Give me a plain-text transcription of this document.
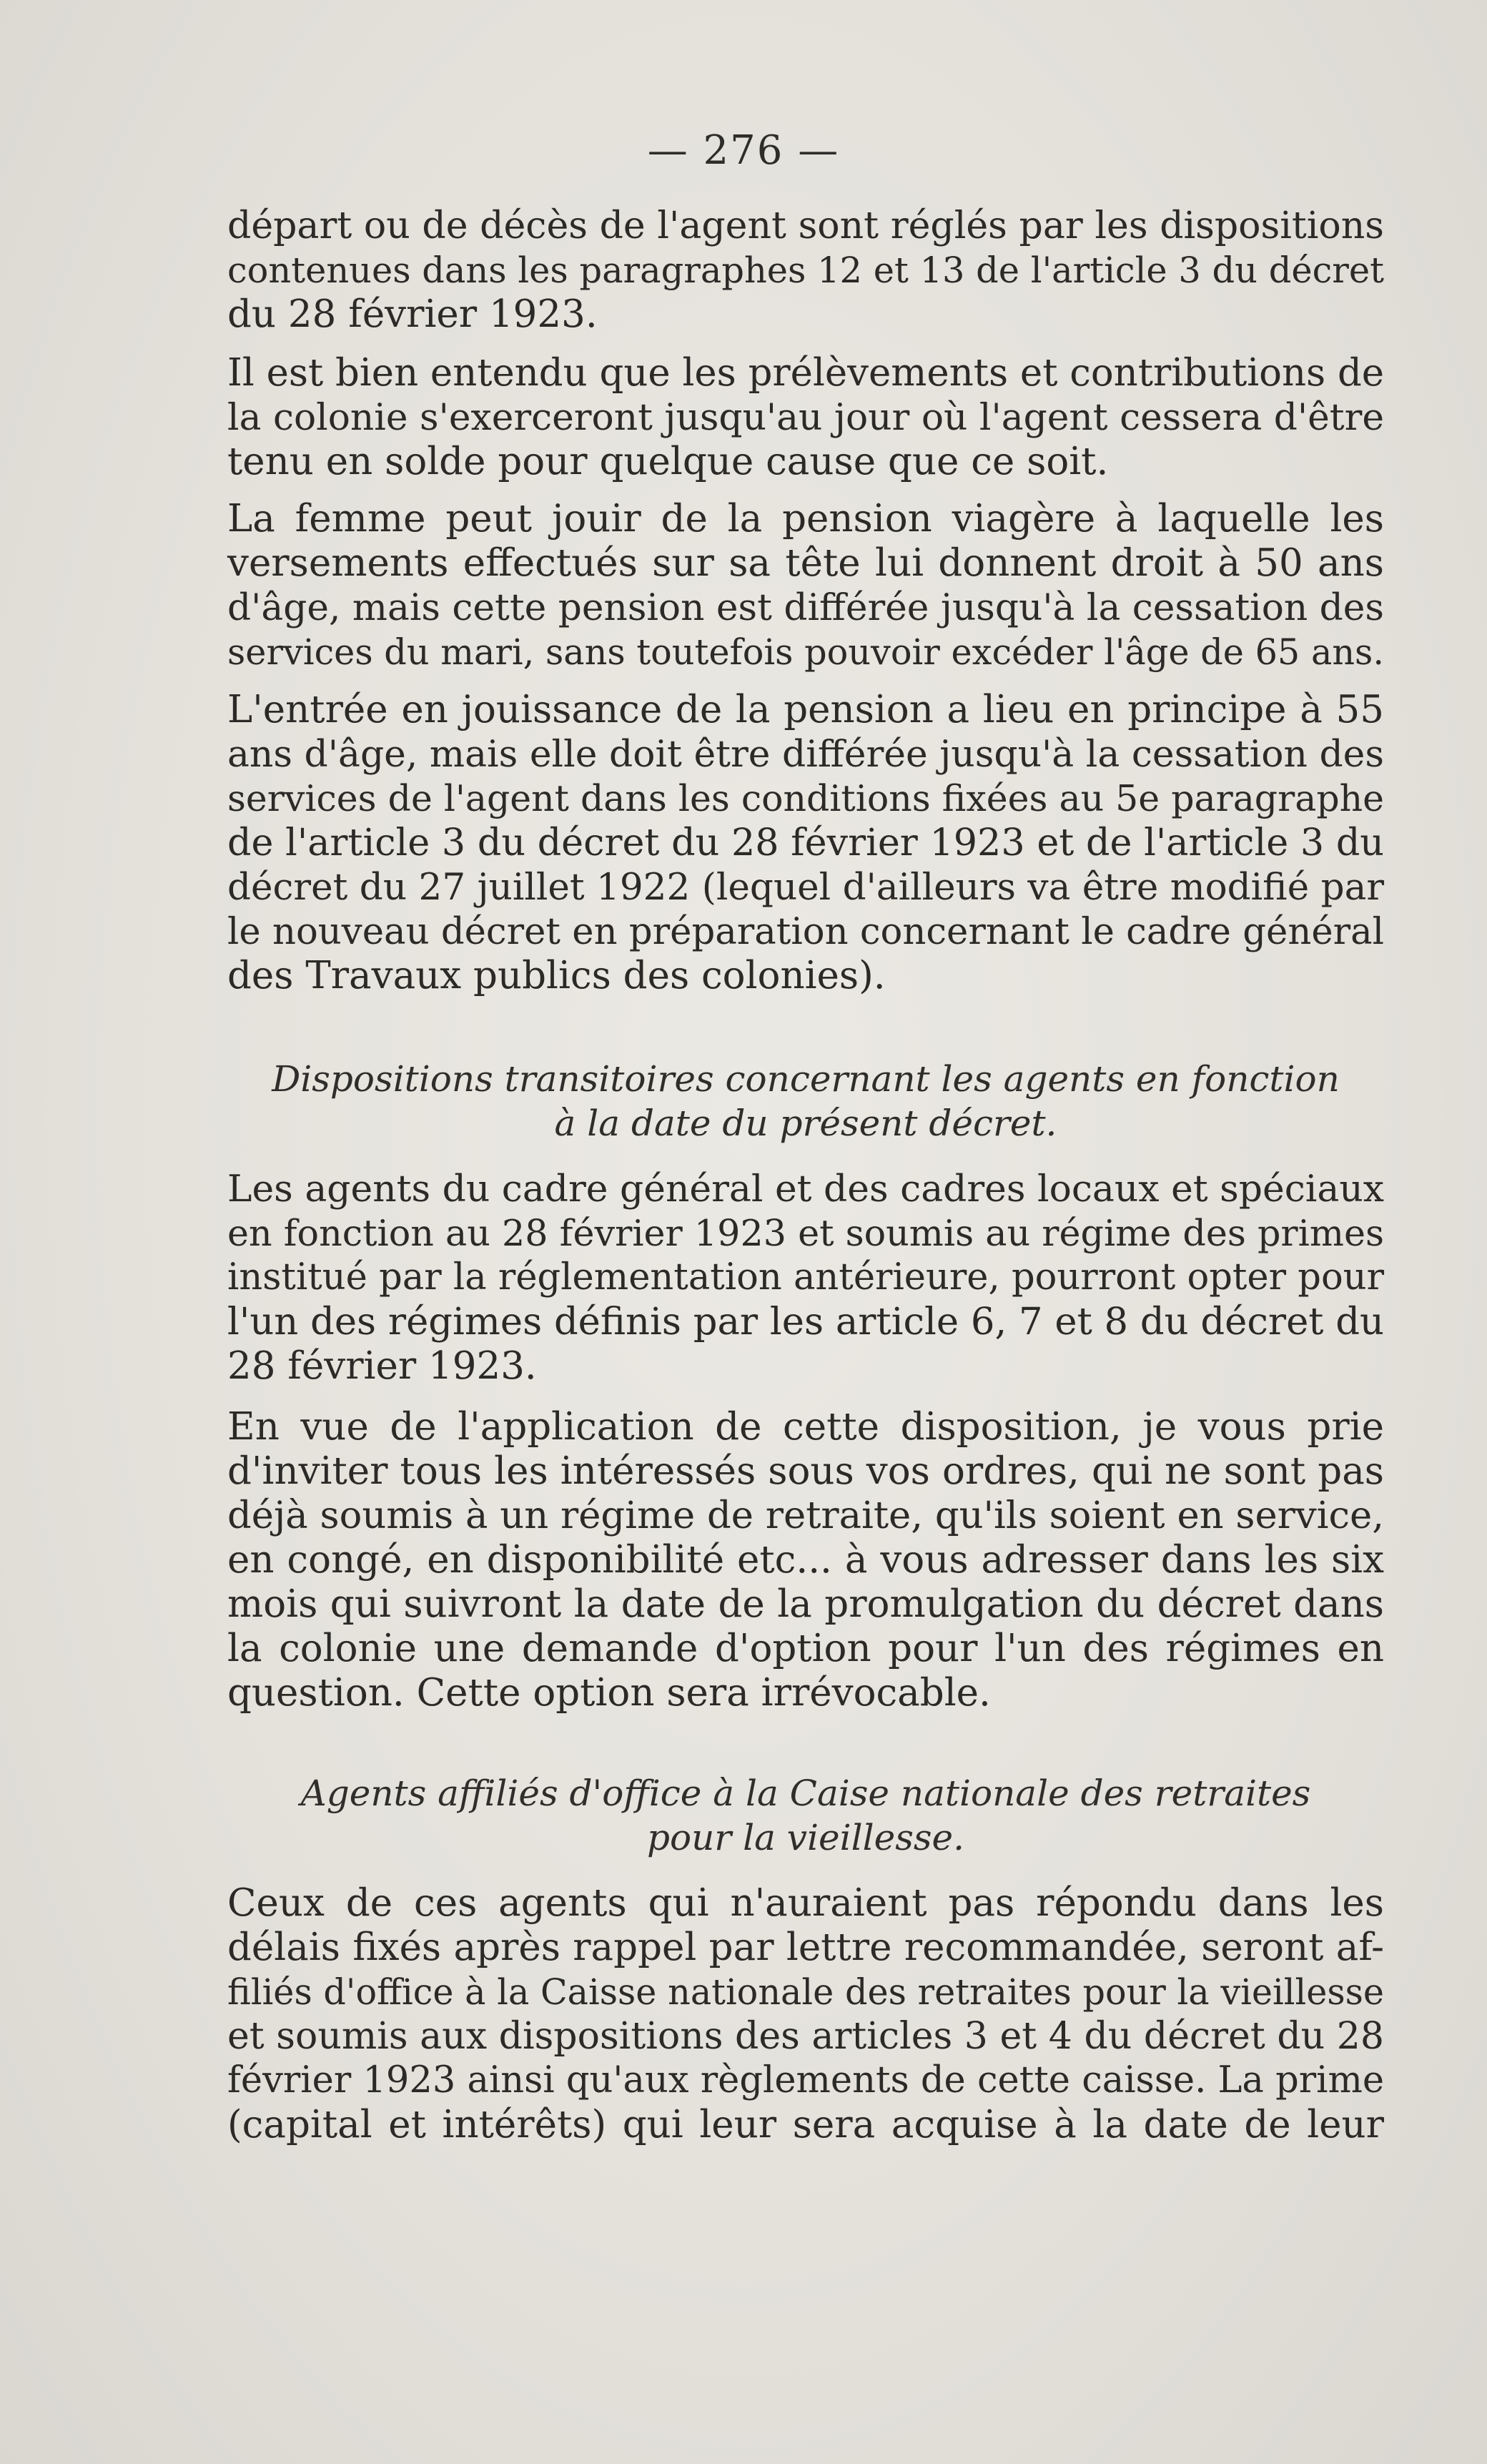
— 276 —
départ ou de décès de l'agent sont réglés par les dispositions
contenues dans les paragraphes 12 et 13 de l'article 3 du décret
du 28 février 1923.
Il est bien entendu que les prélèvements et contributions de
la colonie s'exerceront jusqu'au jour où l'agent cessera d'être
tenu en solde pour quelque cause que ce soit.
La femme peut jouir de la pension viagère à laquelle les
versements effectués sur sa tête lui donnent droit à 50 ans
d'âge, mais cette pension est différée jusqu'à la cessation des
services du mari, sans toutefois pouvoir excéder l'âge de 65 ans.
L'entrée en jouissance de la pension a lieu en principe à 55
ans d'âge, mais elle doit être différée jusqu'à la cessation des
services de l'agent dans les conditions fixées au 5e paragraphe
de l'article 3 du décret du 28 février 1923 et de l'article 3 du
décret du 27 juillet 1922 (lequel d'ailleurs va être modifié par
le nouveau décret en préparation concernant le cadre général
des Travaux publics des colonies).
Dispositions transitoires concernant les agents en fonction
à la date du présent décret.
Les agents du cadre général et des cadres locaux et spéciaux
en fonction au 28 février 1923 et soumis au régime des primes
institué par la réglementation antérieure, pourront opter pour
l'un des régimes définis par les article 6, 7 et 8 du décret du
28 février 1923.
En vue de l'application de cette disposition, je vous prie
d'inviter tous les intéressés sous vos ordres, qui ne sont pas
déjà soumis à un régime de retraite, qu'ils soient en service,
en congé, en disponibilité etc... à vous adresser dans les six
mois qui suivront la date de la promulgation du décret dans
la colonie une demande d'option pour l'un des régimes en
question. Cette option sera irrévocable.
Agents affiliés d'office à la Caise nationale des retraites
pour la vieillesse.
Ceux de ces agents qui n'auraient pas répondu dans les
délais fixés après rappel par lettre recommandée, seront af-
filiés d'office à la Caisse nationale des retraites pour la vieillesse
et soumis aux dispositions des articles 3 et 4 du décret du 28
février 1923 ainsi qu'aux règlements de cette caisse. La prime
(capital et intérêts) qui leur sera acquise à la date de leur
